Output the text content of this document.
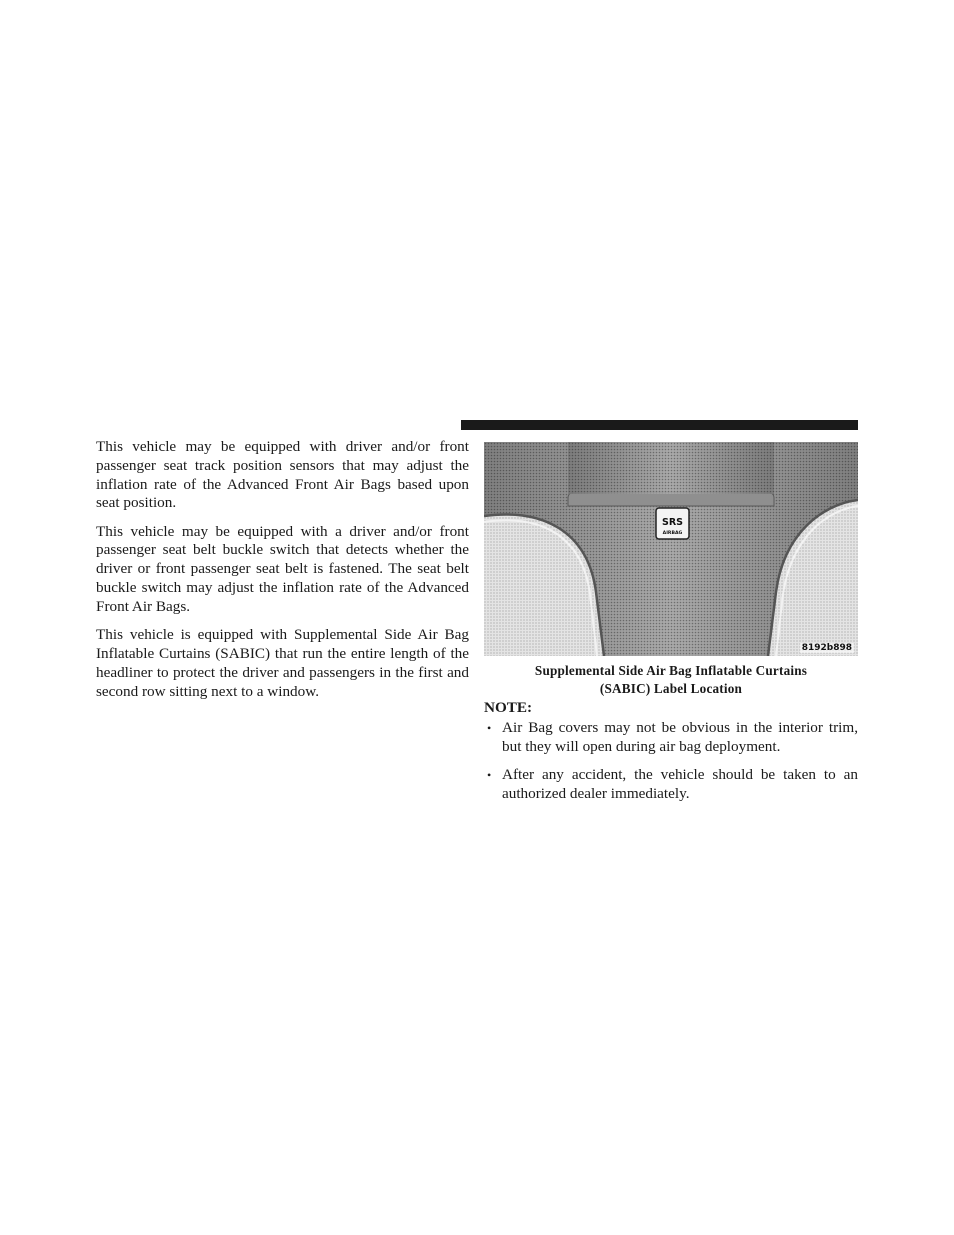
This vehicle may be equipped with driver and/or front passenger seat track position sensors that may adjust the inflation rate of the Advanced Front Air Bags based upon seat position.

This vehicle may be equipped with a driver and/or front passenger seat belt buckle switch that detects whether the driver or front passenger seat belt is fastened. The seat belt buckle switch may adjust the inflation rate of the Advanced Front Air Bags.

This vehicle is equipped with Supplemental Side Air Bag Inflatable Curtains (SABIC) that run the entire length of the headliner to protect the driver and passengers in the first and second row sitting next to a window.

SRS
AIRBAG
8192b898
Supplemental Side Air Bag Inflatable Curtains
(SABIC) Label Location
NOTE:
• Air Bag covers may not be obvious in the interior trim, but they will open during air bag deployment.
• After any accident, the vehicle should be taken to an authorized dealer immediately.
